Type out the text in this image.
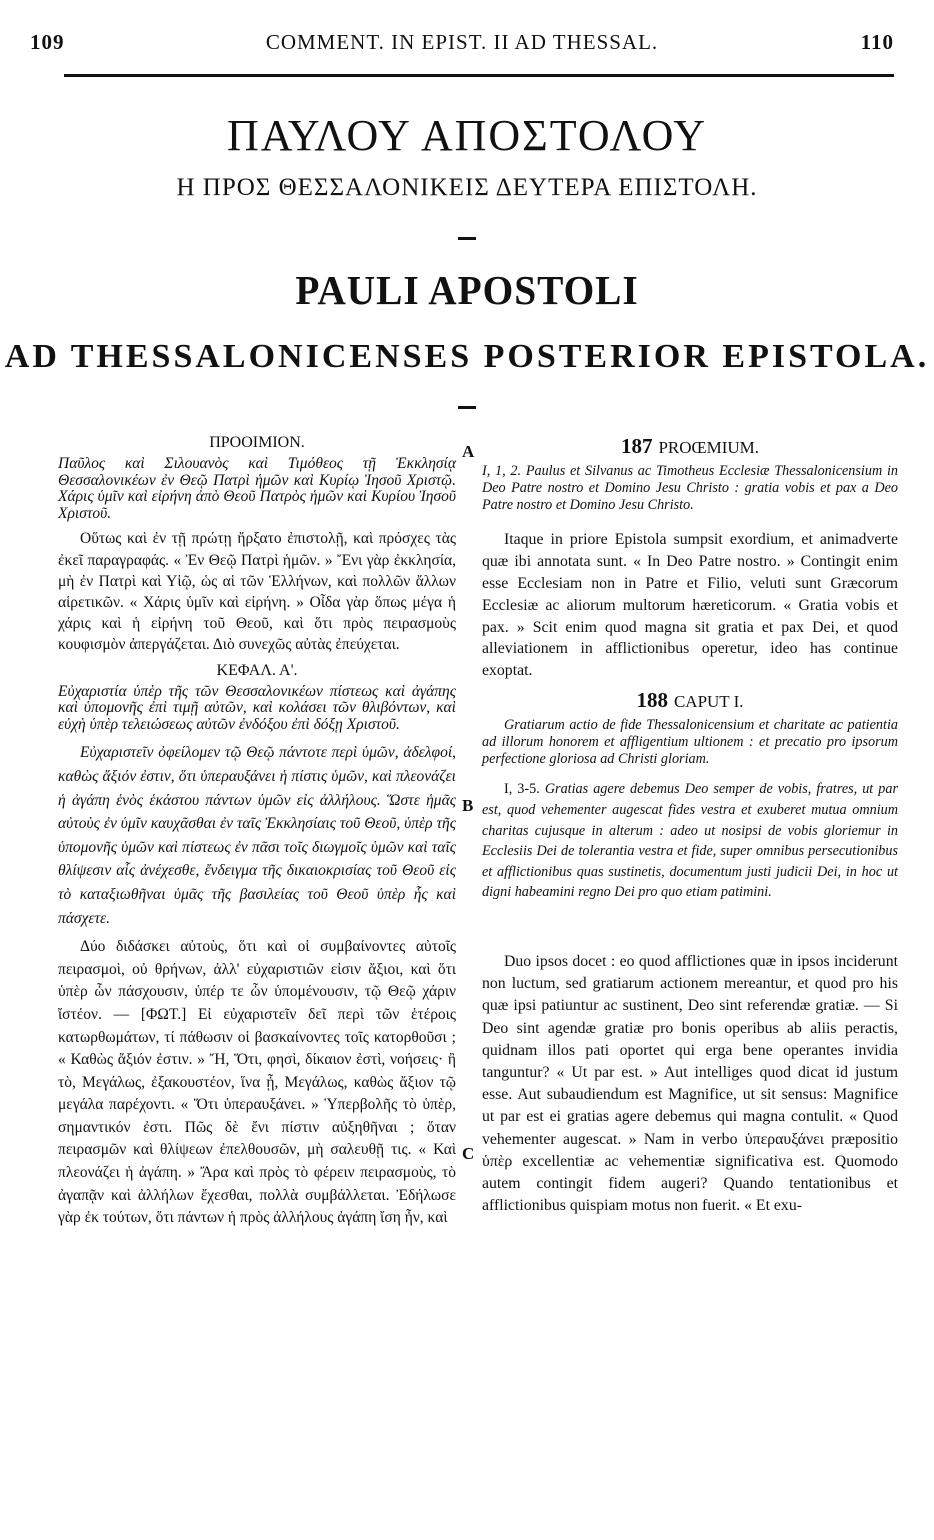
109	COMMENT. IN EPIST. II AD THESSAL.	110
ΠΑΥΛΟΥ ΑΠΟΣΤΟΛΟΥ
Η ΠΡΟΣ ΘΕΣΣΑΛΟΝΙΚΕΙΣ ΔΕΥΤΕΡΑ ΕΠΙΣΤΟΛΗ.
PAULI APOSTOLI
AD THESSALONICENSES POSTERIOR EPISTOLA.
A
B
C
ΠΡΟΟΙΜΙΟΝ.

Παῦλος καὶ Σιλουανὸς καὶ Τιμόθεος τῇ Ἐκκλησίᾳ Θεσσαλονικέων ἐν Θεῷ Πατρὶ ἡμῶν καὶ Κυρίῳ Ἰησοῦ Χριστῷ. Χάρις ὑμῖν καὶ εἰρήνη ἀπὸ Θεοῦ Πατρὸς ἡμῶν καὶ Κυρίου Ἰησοῦ Χριστοῦ.

Οὕτως καὶ ἐν τῇ πρώτῃ ἤρξατο ἐπιστολῇ, καὶ πρόσχες τὰς ἐκεῖ παραγραφάς. « Ἐν Θεῷ Πατρὶ ἡμῶν. » Ἔνι γὰρ ἐκκλησία, μὴ ἐν Πατρὶ καὶ Υἱῷ, ὡς αἱ τῶν Ἑλλήνων, καὶ πολλῶν ἄλλων αἱρετικῶν. « Χάρις ὑμῖν καὶ εἰρήνη. » Οἶδα γὰρ ὅπως μέγα ἡ χάρις καὶ ἡ εἰρήνη τοῦ Θεοῦ, καὶ ὅτι πρὸς πειρασμοὺς κουφισμὸν ἀπεργάζεται. Διὸ συνεχῶς αὐτὰς ἐπεύχεται.

ΚΕΦΑΛ. Α'.

Εὐχαριστία ὑπὲρ τῆς τῶν Θεσσαλονικέων πίστεως καὶ ἀγάπης καὶ ὑπομονῆς ἐπὶ τιμῇ αὐτῶν, καὶ κολάσει τῶν θλιβόντων, καὶ εὐχὴ ὑπὲρ τελειώσεως αὐτῶν ἐνδόξου ἐπὶ δόξῃ Χριστοῦ.

Εὐχαριστεῖν ὀφείλομεν τῷ Θεῷ πάντοτε περὶ ὑμῶν, ἀδελφοί, καθὼς ἄξιόν ἐστιν, ὅτι ὑπεραυξάνει ἡ πίστις ὑμῶν, καὶ πλεονάζει ἡ ἀγάπη ἑνὸς ἑκάστου πάντων ὑμῶν εἰς ἀλλήλους. Ὥστε ἡμᾶς αὐτοὺς ἐν ὑμῖν καυχᾶσθαι ἐν ταῖς Ἐκκλησίαις τοῦ Θεοῦ, ὑπὲρ τῆς ὑπομονῆς ὑμῶν καὶ πίστεως ἐν πᾶσι τοῖς διωγμοῖς ὑμῶν καὶ ταῖς θλίψεσιν αἷς ἀνέχεσθε, ἔνδειγμα τῆς δικαιοκρισίας τοῦ Θεοῦ εἰς τὸ καταξιωθῆναι ὑμᾶς τῆς βασιλείας τοῦ Θεοῦ ὑπὲρ ἧς καὶ πάσχετε.

Δύο διδάσκει αὐτοὺς, ὅτι καὶ οἱ συμβαίνοντες αὐτοῖς πειρασμοὶ, οὐ θρήνων, ἀλλ' εὐχαριστιῶν εἰσιν ἄξιοι, καὶ ὅτι ὑπὲρ ὧν πάσχουσιν, ὑπέρ τε ὧν ὑπομένουσιν, τῷ Θεῷ χάριν ἴστέον. — [ΦΩΤ.] Εἰ εὐχαριστεῖν δεῖ περὶ τῶν ἑτέροις κατωρθωμάτων, τί πάθωσιν οἱ βασκαίνοντες τοῖς κατορθοῦσι ; « Καθὼς ἄξιόν ἐστιν. » Ἤ, Ὅτι, φησὶ, δίκαιον ἐστὶ, νοήσεις· ἢ τὸ, Μεγάλως, ἐξακουστέον, ἵνα ᾖ, Μεγάλως, καθὼς ἄξιον τῷ μεγάλα παρέχοντι. « Ὅτι ὑπεραυξάνει. » Ὑπερβολῆς τὸ ὑπὲρ, σημαντικόν ἐστι. Πῶς δὲ ἔνι πίστιν αὐξηθῆναι ; ὅταν πειρασμῶν καὶ θλίψεων ἐπελθουσῶν, μὴ σαλευθῇ τις. « Καὶ πλεονάζει ἡ ἀγάπη. » Ἄρα καὶ πρὸς τὸ φέρειν πειρασμοὺς, τὸ ἀγαπᾷν καὶ ἀλλήλων ἔχεσθαι, πολλὰ συμβάλλεται. Ἐδήλωσε γὰρ ἐκ τούτων, ὅτι πάντων ἡ πρὸς ἀλλήλους ἀγάπη ἴση ἦν, καὶ

187 PROŒMIUM.

I, 1, 2. Paulus et Silvanus ac Timotheus Ecclesiæ Thessalonicensium in Deo Patre nostro et Domino Jesu Christo : gratia vobis et pax a Deo Patre nostro et Domino Jesu Christo.

Itaque in priore Epistola sumpsit exordium, et animadverte quæ ibi annotata sunt. « In Deo Patre nostro. » Contingit enim esse Ecclesiam non in Patre et Filio, veluti sunt Græcorum Ecclesiæ ac aliorum multorum hæreticorum. « Gratia vobis et pax. » Scit enim quod magna sit gratia et pax Dei, et quod alleviationem in afflictionibus operetur, ideo has continue exoptat.

188 CAPUT I.

Gratiarum actio de fide Thessalonicensium et charitate ac patientia ad illorum honorem et affligentium ultionem : et precatio pro ipsorum perfectione gloriosa ad Christi gloriam.

I, 3-5. Gratias agere debemus Deo semper de vobis, fratres, ut par est, quod vehementer augescat fides vestra et exuberet mutua omnium charitas cujusque in alterum : adeo ut nosipsi de vobis gloriemur in Ecclesiis Dei de tolerantia vestra et fide, super omnibus persecutionibus et afflictionibus quas sustinetis, documentum justi judicii Dei, in hoc ut digni habeamini regno Dei pro quo etiam patimini.

Duo ipsos docet : eo quod afflictiones quæ in ipsos inciderunt non luctum, sed gratiarum actionem mereantur, et quod pro his quæ ipsi patiuntur ac sustinent, Deo sint referendæ gratiæ. — Si Deo sint agendæ gratiæ pro bonis operibus ab aliis peractis, quidnam illos pati oportet qui erga bene operantes invidia tanguntur? « Ut par est. » Aut intelliges quod dicat id justum esse. Aut subaudiendum est Magnifice, ut sit sensus: Magnifice ut par est ei gratias agere debemus qui magna contulit. « Quod vehementer augescat. » Nam in verbo ὑπεραυξάνει præpositio ὑπὲρ excellentiæ ac vehementiæ significativa est. Quomodo autem contingit fidem augeri? Quando tentationibus et afflictionibus quispiam motus non fuerit. « Et exu-
